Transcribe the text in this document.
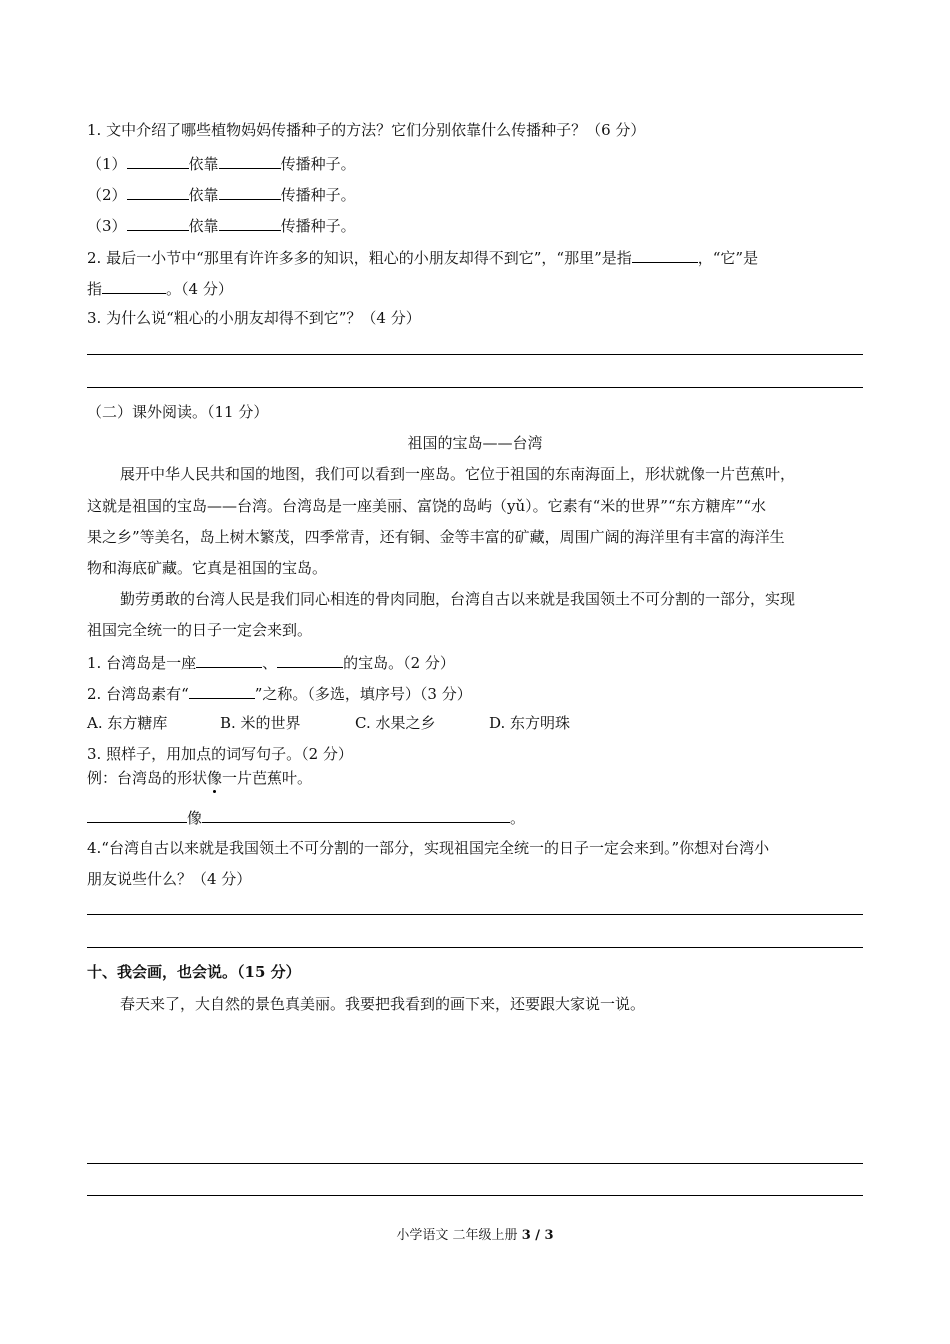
1. 文中介绍了哪些植物妈妈传播种子的方法？它们分别依靠什么传播种子？（6 分）
（1）	依靠	传播种子。
（2）	依靠	传播种子。
（3）	依靠	传播种子。
2. 最后一小节中“那里有许许多多的知识，粗心的小朋友却得不到它”，“那里”是指	，“它”是
指	。（4 分）
3. 为什么说“粗心的小朋友却得不到它”？（4 分）
（二）课外阅读。（11 分）
祖国的宝岛——台湾
展开中华人民共和国的地图，我们可以看到一座岛。它位于祖国的东南海面上，形状就像一片芭蕉叶，
这就是祖国的宝岛——台湾。台湾岛是一座美丽、富饶的岛屿（yǔ）。它素有“米的世界”“东方糖库”“水
果之乡”等美名，岛上树木繁茂，四季常青，还有铜、金等丰富的矿藏，周围广阔的海洋里有丰富的海洋生
物和海底矿藏。它真是祖国的宝岛。
勤劳勇敢的台湾人民是我们同心相连的骨肉同胞，台湾自古以来就是我国领土不可分割的一部分，实现
祖国完全统一的日子一定会来到。
1. 台湾岛是一座	、	的宝岛。（2 分）
2. 台湾岛素有“	”之称。（多选，填序号）（3 分）
A. 东方糖库	B. 米的世界	C. 水果之乡	D. 东方明珠
3. 照样子，用加点的词写句子。（2 分）
例：台湾岛的形状像一片芭蕉叶。
像	。
4.“台湾自古以来就是我国领土不可分割的一部分，实现祖国完全统一的日子一定会来到。”你想对台湾小
朋友说些什么？（4 分）
十、我会画，也会说。（15 分）
春天来了，大自然的景色真美丽。我要把我看到的画下来，还要跟大家说一说。
小学语文 二年级上册 3 / 3
